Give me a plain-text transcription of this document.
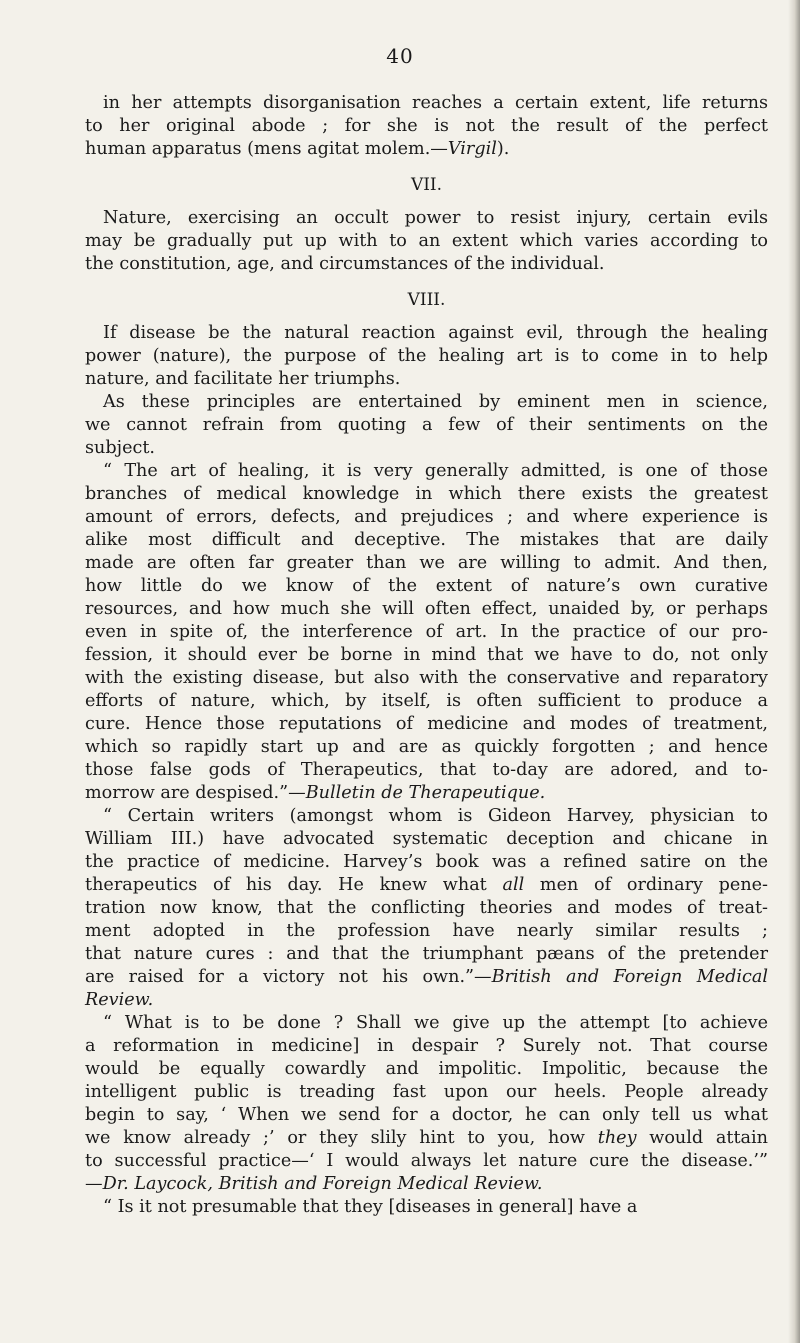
40
in her attempts disorganisation reaches a certain extent, life returns
to her original abode ; for she is not the result of the perfect
human apparatus (mens agitat molem.—Virgil).
VII.
Nature, exercising an occult power to resist injury, certain evils
may be gradually put up with to an extent which varies according to
the constitution, age, and circumstances of the individual.
VIII.
If disease be the natural reaction against evil, through the healing
power (nature), the purpose of the healing art is to come in to help
nature, and facilitate her triumphs.
As these principles are entertained by eminent men in science,
we cannot refrain from quoting a few of their sentiments on the
subject.
“ The art of healing, it is very generally admitted, is one of those
branches of medical knowledge in which there exists the greatest
amount of errors, defects, and prejudices ; and where experience is
alike most difficult and deceptive. The mistakes that are daily
made are often far greater than we are willing to admit. And then,
how little do we know of the extent of nature’s own curative
resources, and how much she will often effect, unaided by, or perhaps
even in spite of, the interference of art. In the practice of our pro-
fession, it should ever be borne in mind that we have to do, not only
with the existing disease, but also with the conservative and reparatory
efforts of nature, which, by itself, is often sufficient to produce a
cure. Hence those reputations of medicine and modes of treatment,
which so rapidly start up and are as quickly forgotten ; and hence
those false gods of Therapeutics, that to-day are adored, and to-
morrow are despised.”—Bulletin de Therapeutique.
“ Certain writers (amongst whom is Gideon Harvey, physician to
William III.) have advocated systematic deception and chicane in
the practice of medicine. Harvey’s book was a refined satire on the
therapeutics of his day. He knew what all men of ordinary pene-
tration now know, that the conflicting theories and modes of treat-
ment adopted in the profession have nearly similar results ;
that nature cures : and that the triumphant pæans of the pretender
are raised for a victory not his own.”—British and Foreign Medical
Review.
“ What is to be done ? Shall we give up the attempt [to achieve
a reformation in medicine] in despair ? Surely not. That course
would be equally cowardly and impolitic. Impolitic, because the
intelligent public is treading fast upon our heels. People already
begin to say, ‘ When we send for a doctor, he can only tell us what
we know already ;’ or they slily hint to you, how they would attain
to successful practice—‘ I would always let nature cure the disease.’”
—Dr. Laycock, British and Foreign Medical Review.
“ Is it not presumable that they [diseases in general] have a
